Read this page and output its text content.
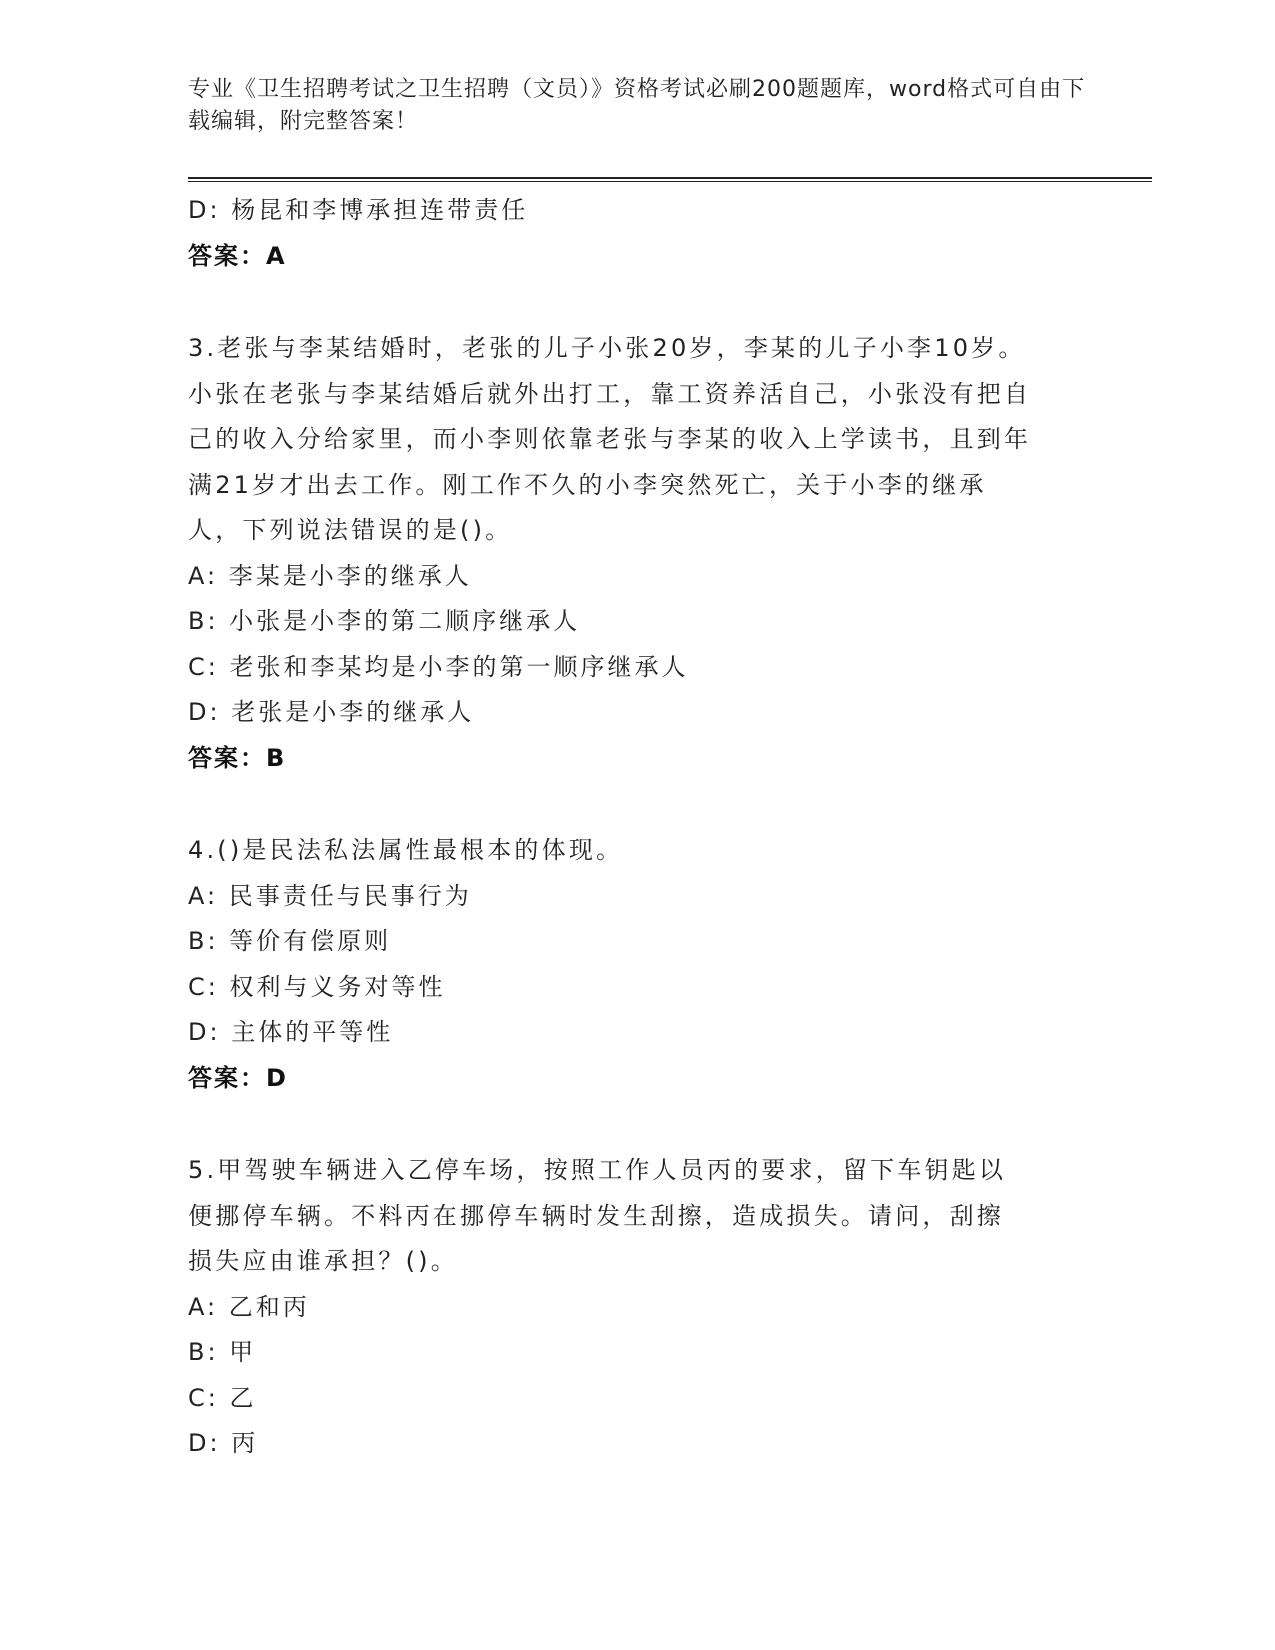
专业《卫生招聘考试之卫生招聘（文员）》资格考试必刷200题题库，word格式可自由下载编辑，附完整答案！
D: 杨昆和李博承担连带责任
答案：A
3.老张与李某结婚时，老张的儿子小张20岁，李某的儿子小李10岁。小张在老张与李某结婚后就外出打工，靠工资养活自己，小张没有把自己的收入分给家里，而小李则依靠老张与李某的收入上学读书，且到年满21岁才出去工作。刚工作不久的小李突然死亡，关于小李的继承人，下列说法错误的是()。
A: 李某是小李的继承人
B: 小张是小李的第二顺序继承人
C: 老张和李某均是小李的第一顺序继承人
D: 老张是小李的继承人
答案：B
4.()是民法私法属性最根本的体现。
A: 民事责任与民事行为
B: 等价有偿原则
C: 权利与义务对等性
D: 主体的平等性
答案：D
5.甲驾驶车辆进入乙停车场，按照工作人员丙的要求，留下车钥匙以便挪停车辆。不料丙在挪停车辆时发生刮擦，造成损失。请问，刮擦损失应由谁承担？()。
A: 乙和丙
B: 甲
C: 乙
D: 丙
